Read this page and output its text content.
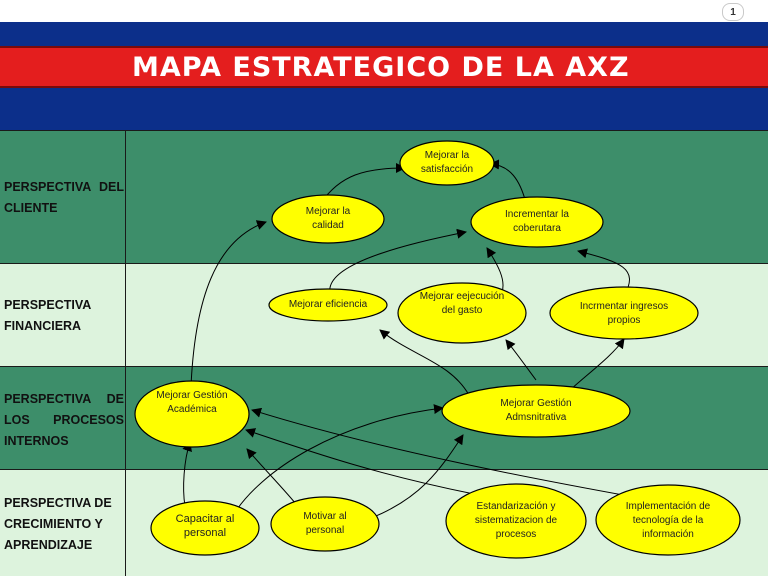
1
MAPA ESTRATEGICO DE LA AXZ
PERSPECTIVA DEL
CLIENTE
PERSPECTIVA
FINANCIERA
PERSPECTIVA DE
LOS PROCESOS
INTERNOS
PERSPECTIVA DE
CRECIMIENTO Y
APRENDIZAJE
Mejorar la
satisfacción
Mejorar la
calidad
Incrementar la
coberutara
Mejorar eficiencia
Mejorar eejecución
del gasto	Incrmentar ingresos
propios
Mejorar Gestión
Académica
Mejorar Gestión
Admsnitrativa
Capacitar al
personal
Motivar al
personal
Estandarización y
sistematizacion de
procesos
Implementación de
tecnología de la
información
